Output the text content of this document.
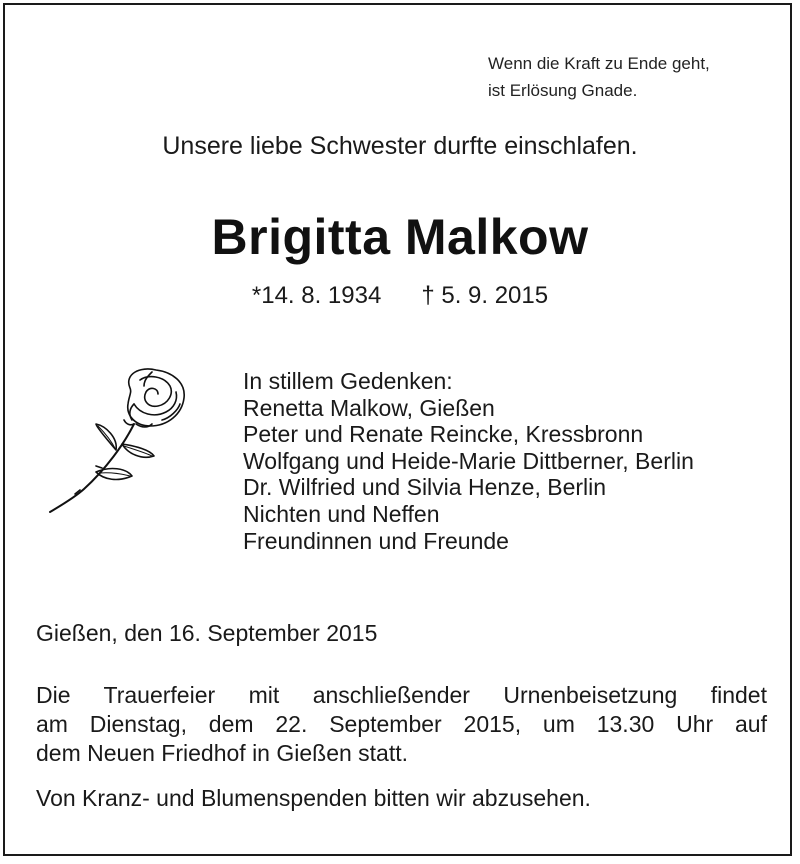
Wenn die Kraft zu Ende geht,
ist Erlösung Gnade.
Unsere liebe Schwester durfte einschlafen.
Brigitta Malkow
*14. 8. 1934 † 5. 9. 2015
In stillem Gedenken:
Renetta Malkow, Gießen
Peter und Renate Reincke, Kressbronn
Wolfgang und Heide-Marie Dittberner, Berlin
Dr. Wilfried und Silvia Henze, Berlin
Nichten und Neffen
Freundinnen und Freunde
Gießen, den 16. September 2015
Die Trauerfeier mit anschließender Urnenbeisetzung findet
am Dienstag, dem 22. September 2015, um 13.30 Uhr auf
dem Neuen Friedhof in Gießen statt.
Von Kranz- und Blumenspenden bitten wir abzusehen.
